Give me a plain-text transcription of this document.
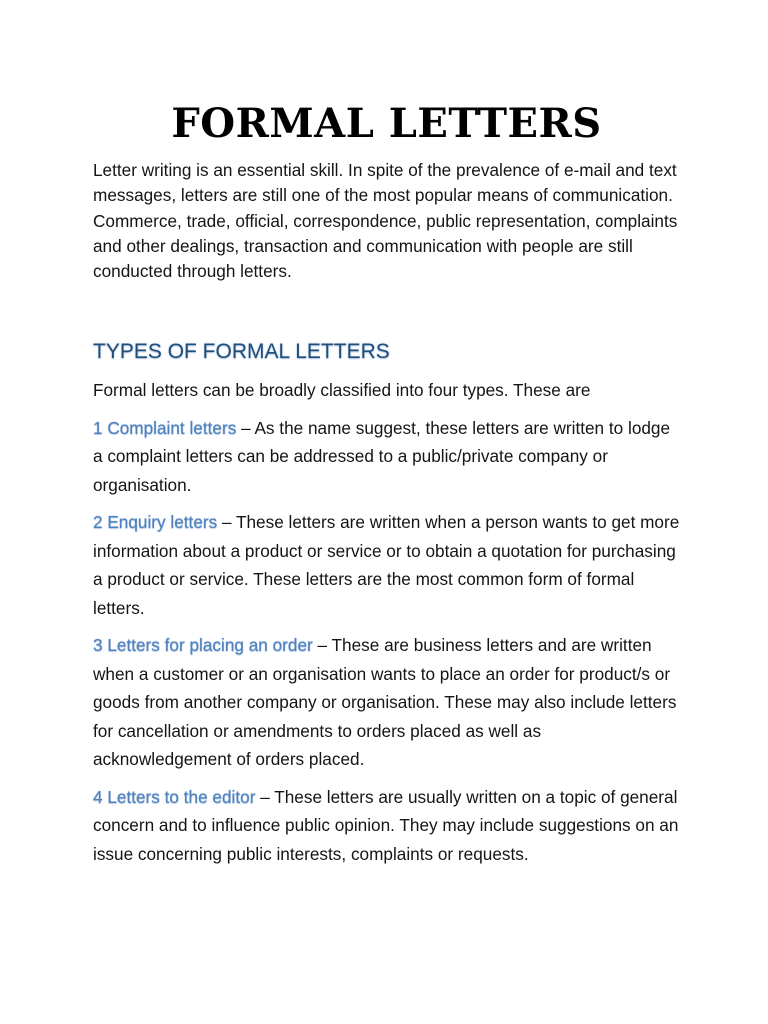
FORMAL LETTERS

Letter writing is an essential skill. In spite of the prevalence of e-mail and text messages, letters are still one of the most popular means of communication. Commerce, trade, official, correspondence, public representation, complaints and other dealings, transaction and communication with people are still conducted through letters.

TYPES OF FORMAL LETTERS

Formal letters can be broadly classified into four types. These are

1 Complaint letters – As the name suggest, these letters are written to lodge a complaint letters can be addressed to a public/private company or organisation.

2 Enquiry letters – These letters are written when a person wants to get more information about a product or service or to obtain a quotation for purchasing a product or service. These letters are the most common form of formal letters.

3 Letters for placing an order – These are business letters and are written when a customer or an organisation wants to place an order for product/s or goods from another company or organisation. These may also include letters for cancellation or amendments to orders placed as well as acknowledgement of orders placed.

4 Letters to the editor – These letters are usually written on a topic of general concern and to influence public opinion. They may include suggestions on an issue concerning public interests, complaints or requests.
